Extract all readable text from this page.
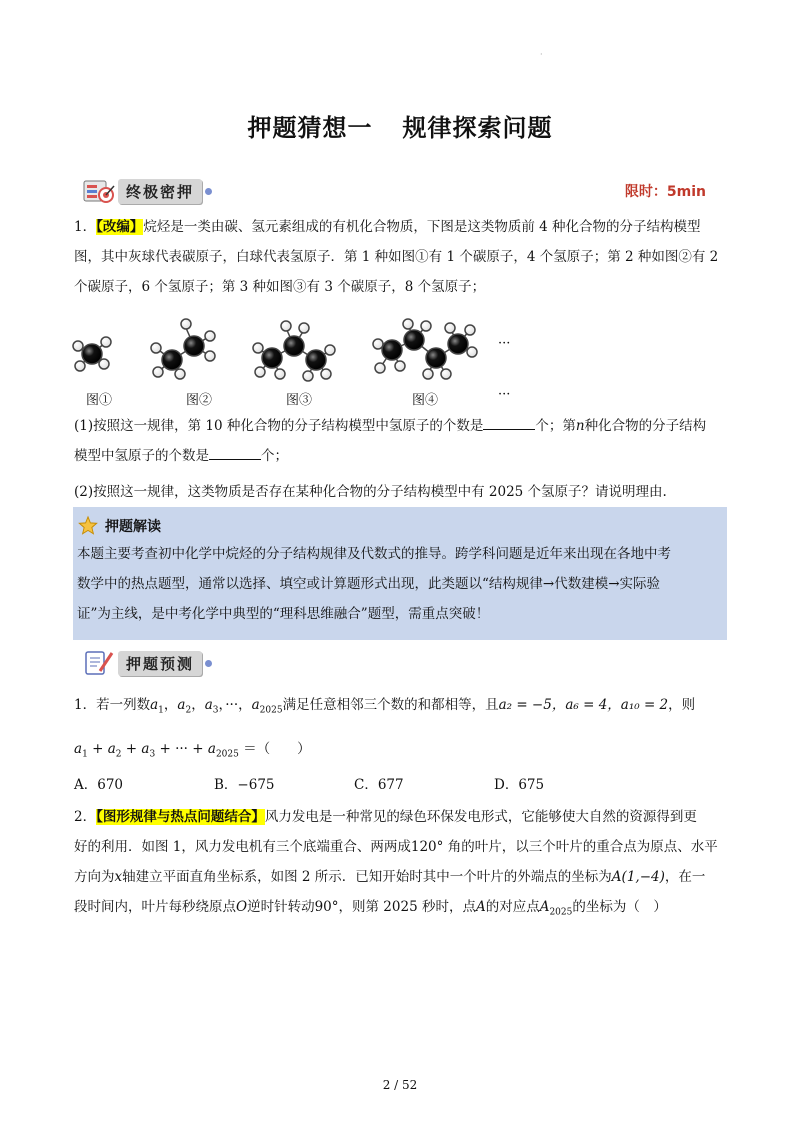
·
押题猜想一 规律探索问题
终极密押	限时：5min
1．【改编】烷烃是一类由碳、氢元素组成的有机化合物质，下图是这类物质前 4 种化合物的分子结构模型
图，其中灰球代表碳原子，白球代表氢原子．第 1 种如图①有 1 个碳原子，4 个氢原子；第 2 种如图②有 2
个碳原子，6 个氢原子；第 3 种如图③有 3 个碳原子，8 个氢原子；
···
图①	图②	图③	图④	···
(1)按照这一规律，第 10 种化合物的分子结构模型中氢原子的个数是	个；第n种化合物的分子结构
模型中氢原子的个数是	个；
(2)按照这一规律，这类物质是否存在某种化合物的分子结构模型中有 2025 个氢原子？请说明理由.
押题解读
本题主要考查初中化学中烷烃的分子结构规律及代数式的推导。跨学科问题是近年来出现在各地中考
数学中的热点题型，通常以选择、填空或计算题形式出现，此类题以“结构规律→代数建模→实际验
证”为主线，是中考化学中典型的“理科思维融合”题型，需重点突破！
押题预测
1．若一列数$a_1$，$a_2$，$a_3$，···，$a_{2025}$满足任意相邻三个数的和都相等，且a₂ = −5，a₆ = 4，a₁₀ = 2，则
$a_1 + a_2 + a_3$ + ··· + $a_{2025}$ ＝（　　）
A．670	B．−675	C．677	D．675
2．【图形规律与热点问题结合】风力发电是一种常见的绿色环保发电形式，它能够使大自然的资源得到更
好的利用．如图 1，风力发电机有三个底端重合、两两成120° 角的叶片，以三个叶片的重合点为原点、水平
方向为x轴建立平面直角坐标系，如图 2 所示．已知开始时其中一个叶片的外端点的坐标为A(1,−4)，在一
段时间内，叶片每秒绕原点O逆时针转动90°，则第 2025 秒时，点A的对应点$A_{2025}$的坐标为（　）
2 / 52
